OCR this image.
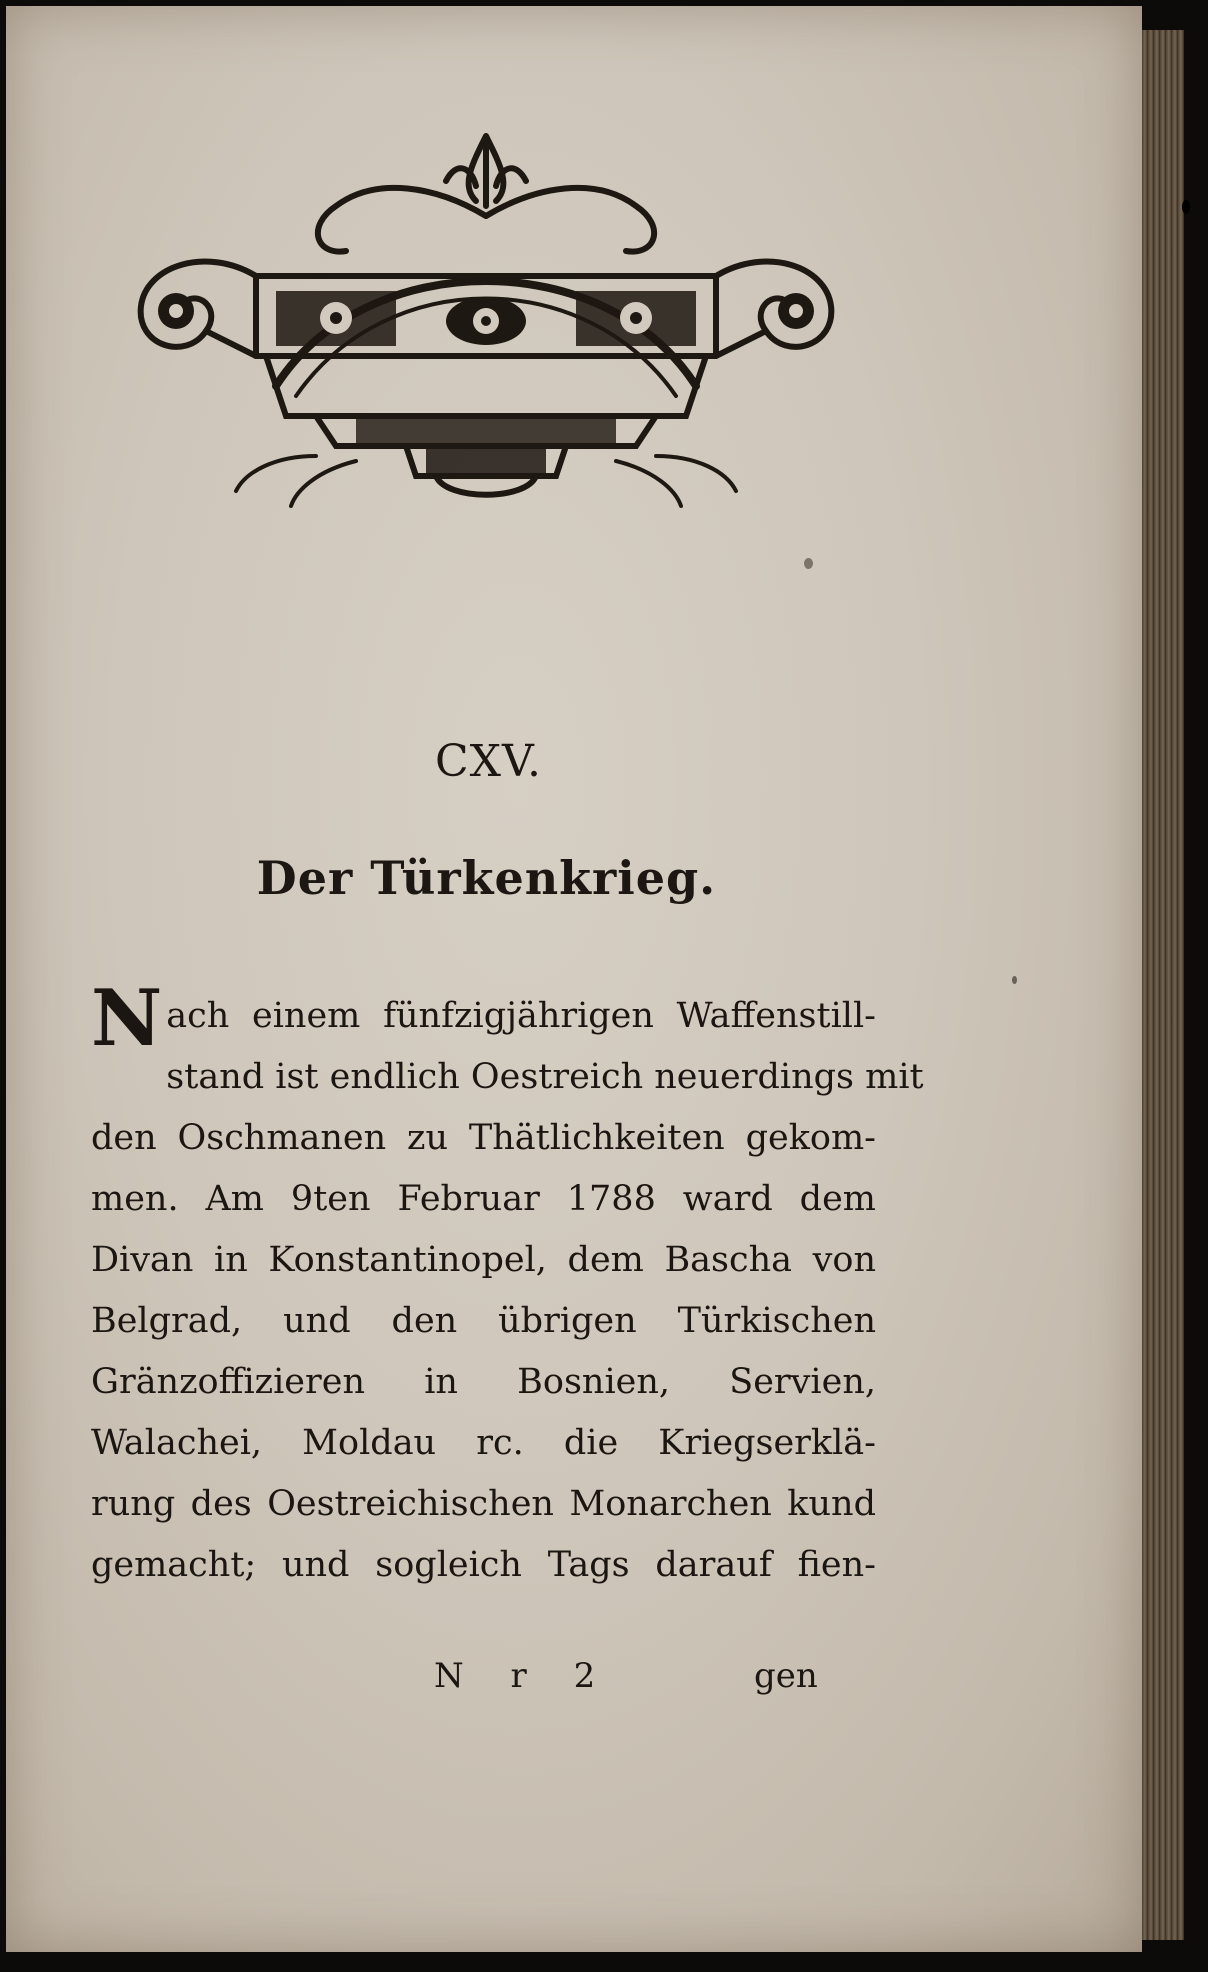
CXV.
Der Türkenkrieg.
N ach einem fünfzigjährigen Waffenstill-
stand ist endlich Oestreich neuerdings mit
den Oschmanen zu Thätlichkeiten gekom-
men. Am 9ten Februar 1788 ward dem
Divan in Konstantinopel, dem Bascha von
Belgrad, und den übrigen Türkischen
Gränzoffizieren in Bosnien, Servien,
Walachei, Moldau rc. die Kriegserklä-
rung des Oestreichischen Monarchen kund
gemacht; und sogleich Tags darauf fien-
N r 2	gen
